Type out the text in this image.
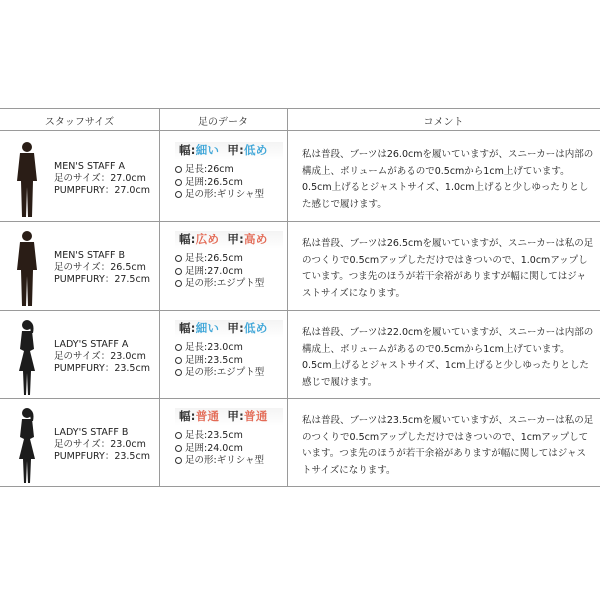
スタッフサイズ	足のデータ	コメント
MEN'S STAFF A
足のサイズ：27.0cm
PUMPFURY：27.0cm
幅:細い 甲:低め
足長:26cm
足囲:26.5cm
足の形:ギリシャ型
私は普段、ブーツは26.0cmを履いていますが、スニーカーは内部の構成上、ボリュームがあるので0.5cmから1cm上げています。0.5cm上げるとジャストサイズ、1.0cm上げると少しゆったりとした感じで履けます。
MEN'S STAFF B
足のサイズ：26.5cm
PUMPFURY：27.5cm
幅:広め 甲:高め
足長:26.5cm
足囲:27.0cm
足の形:エジプト型
私は普段、ブーツは26.5cmを履いていますが、スニーカーは私の足のつくりで0.5cmアップしただけではきついので、1.0cmアップしています。つま先のほうが若干余裕がありますが幅に関してはジャストサイズになります。
LADY'S STAFF A
足のサイズ：23.0cm
PUMPFURY：23.5cm
幅:細い 甲:低め
足長:23.0cm
足囲:23.5cm
足の形:エジプト型
私は普段、ブーツは22.0cmを履いていますが、スニーカーは内部の構成上、ボリュームがあるので0.5cmから1cm上げています。0.5cm上げるとジャストサイズ、1cm上げると少しゆったりとした感じで履けます。
LADY'S STAFF B
足のサイズ：23.0cm
PUMPFURY：23.5cm
幅:普通 甲:普通
足長:23.5cm
足囲:24.0cm
足の形:ギリシャ型
私は普段、ブーツは23.5cmを履いていますが、スニーカーは私の足のつくりで0.5cmアップしただけではきついので、1cmアップしています。つま先のほうが若干余裕がありますが幅に関してはジャストサイズになります。
